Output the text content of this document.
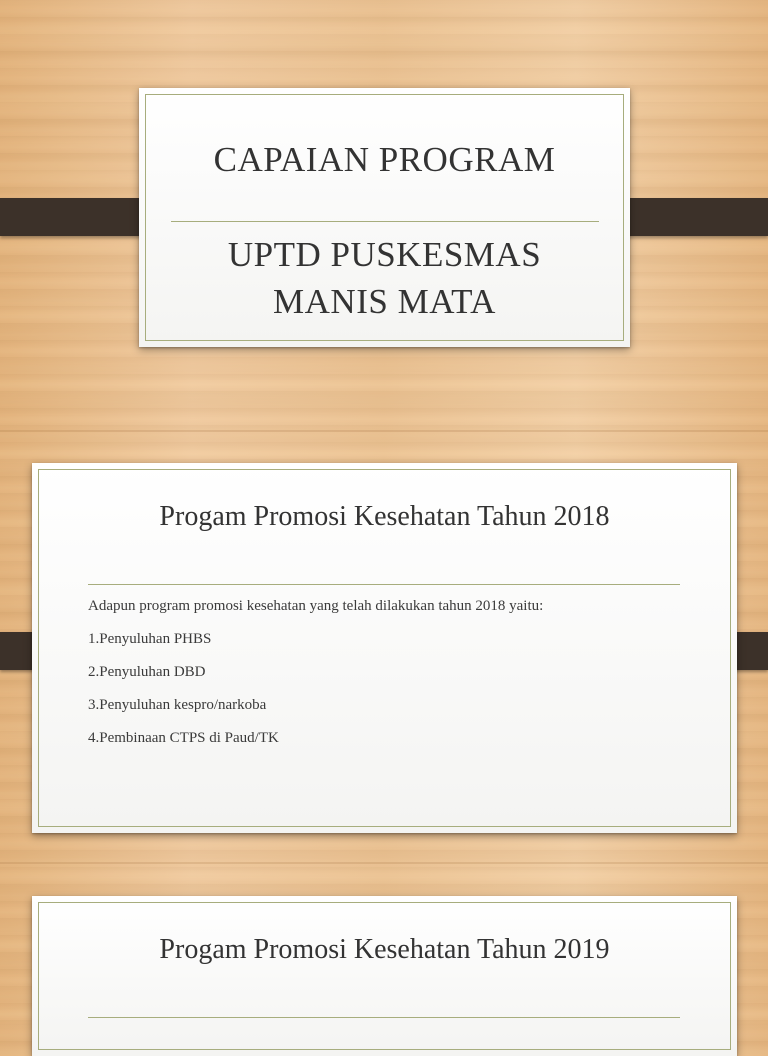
CAPAIAN PROGRAM
UPTD PUSKESMAS
MANIS MATA
Progam Promosi Kesehatan Tahun 2018
Adapun program promosi kesehatan yang telah dilakukan tahun 2018 yaitu:
1.Penyuluhan PHBS
2.Penyuluhan DBD
3.Penyuluhan kespro/narkoba
4.Pembinaan CTPS di Paud/TK
Progam Promosi Kesehatan Tahun 2019
